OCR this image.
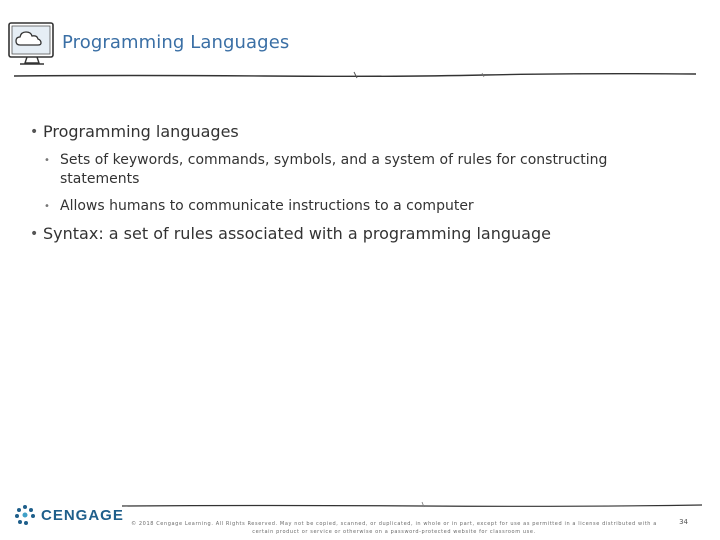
Programming Languages
• Programming languages
• Sets of keywords, commands, symbols, and a system of rules for constructing statements
• Allows humans to communicate instructions to a computer
• Syntax: a set of rules associated with a programming language
CENGAGE
© 2018 Cengage Learning. All Rights Reserved. May not be copied, scanned, or duplicated, in whole or in part, except for use as permitted in a license distributed with a certain product or service or otherwise on a password-protected website for classroom use.
34
